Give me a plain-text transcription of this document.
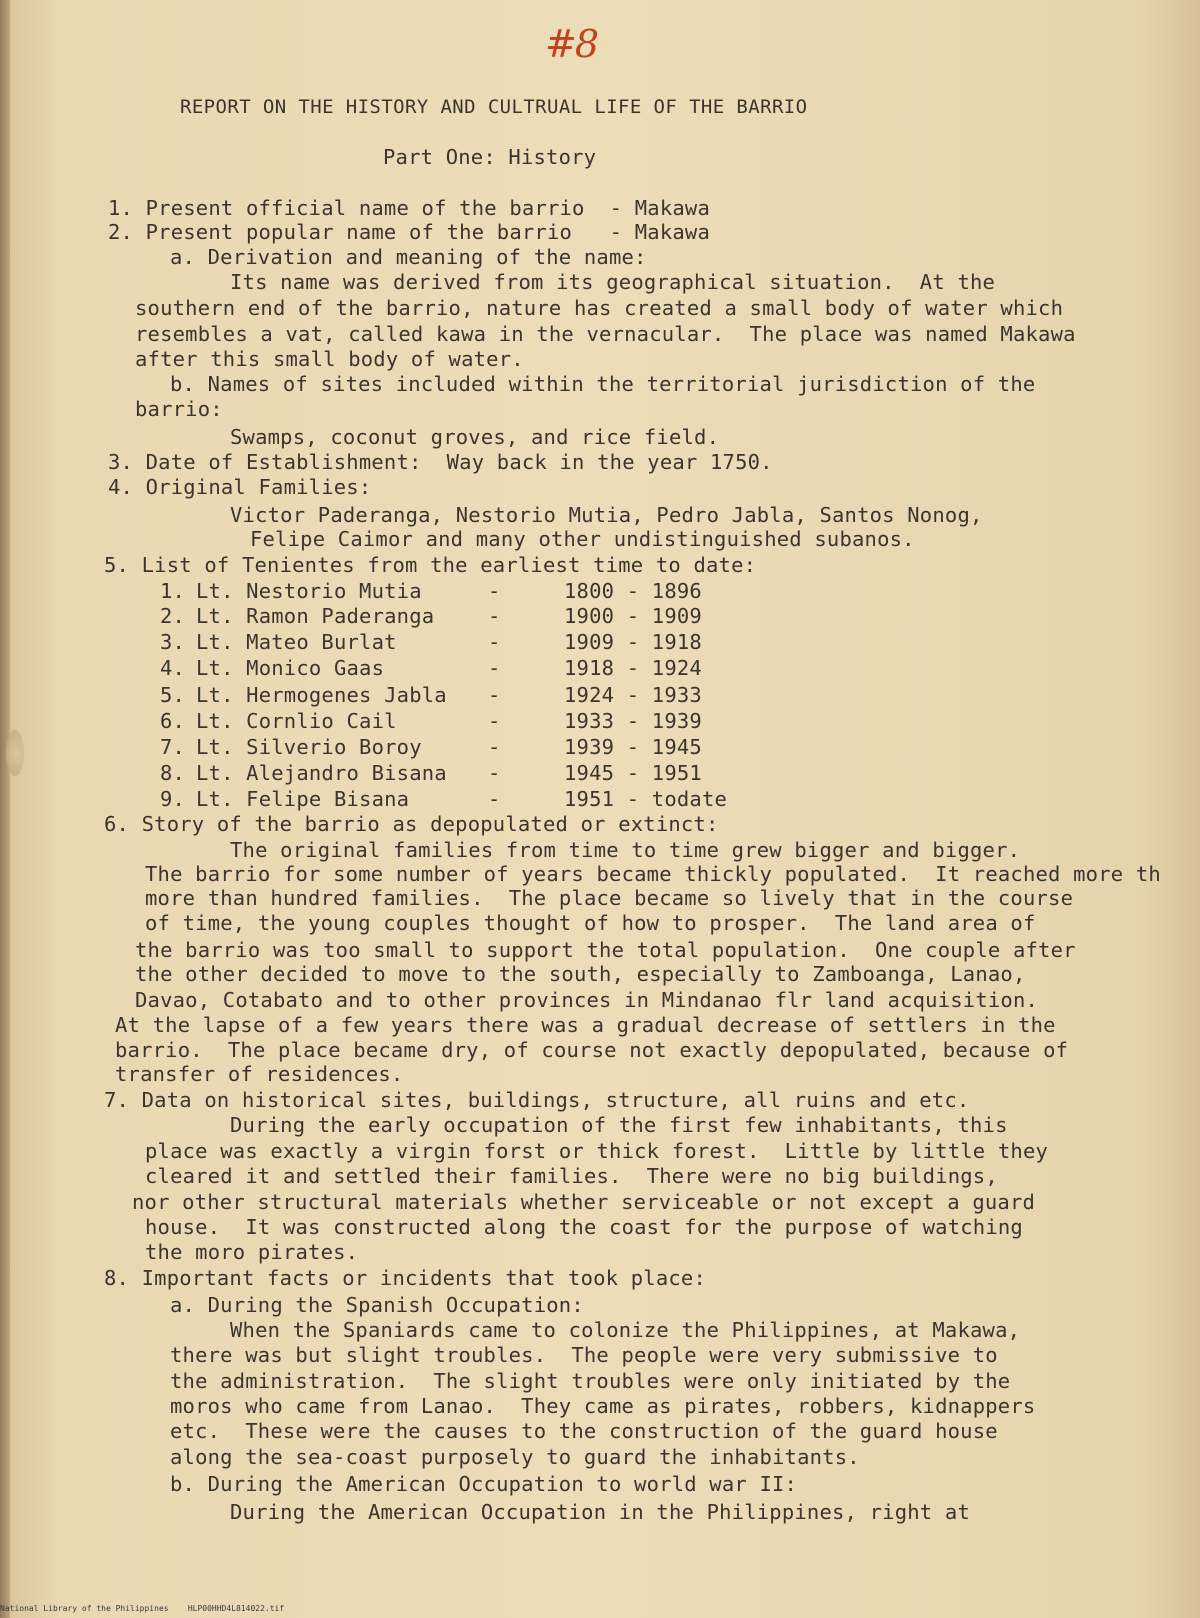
#8
REPORT ON THE HISTORY AND CULTRUAL LIFE OF THE BARRIO
Part One: History
1. Present official name of the barrio  - Makawa
2. Present popular name of the barrio   - Makawa
a. Derivation and meaning of the name:
Its name was derived from its geographical situation.  At the
southern end of the barrio, nature has created a small body of water which
resembles a vat, called kawa in the vernacular.  The place was named Makawa
after this small body of water.
b. Names of sites included within the territorial jurisdiction of the
barrio:
Swamps, coconut groves, and rice field.
3. Date of Establishment:  Way back in the year 1750.
4. Original Families:
Victor Paderanga, Nestorio Mutia, Pedro Jabla, Santos Nonog,
Felipe Caimor and many other undistinguished subanos.
5. List of Tenientes from the earliest time to date:
1. Lt. Nestorio Mutia	-	1800 - 1896
2. Lt. Ramon Paderanga	-	1900 - 1909
3. Lt. Mateo Burlat	-	1909 - 1918
4. Lt. Monico Gaas	-	1918 - 1924
5. Lt. Hermogenes Jabla -	1924 - 1933
6. Lt. Cornlio Cail	-	1933 - 1939
7. Lt. Silverio Boroy	-	1939 - 1945
8. Lt. Alejandro Bisana -	1945 - 1951
9. Lt. Felipe Bisana	-	1951 - todate
6. Story of the barrio as depopulated or extinct:
The original families from time to time grew bigger and bigger.
The barrio for some number of years became thickly populated.  It reached more th
more than hundred families.  The place became so lively that in the course
of time, the young couples thought of how to prosper.  The land area of
the barrio was too small to support the total population.  One couple after
the other decided to move to the south, especially to Zamboanga, Lanao,
Davao, Cotabato and to other provinces in Mindanao flr land acquisition.
At the lapse of a few years there was a gradual decrease of settlers in the
barrio.  The place became dry, of course not exactly depopulated, because of
transfer of residences.
7. Data on historical sites, buildings, structure, all ruins and etc.
During the early occupation of the first few inhabitants, this
place was exactly a virgin forst or thick forest.  Little by little they
cleared it and settled their families.  There were no big buildings,
nor other structural materials whether serviceable or not except a guard
house.  It was constructed along the coast for the purpose of watching
the moro pirates.
8. Important facts or incidents that took place:
a. During the Spanish Occupation:
When the Spaniards came to colonize the Philippines, at Makawa,
there was but slight troubles.  The people were very submissive to
the administration.  The slight troubles were only initiated by the
moros who came from Lanao.  They came as pirates, robbers, kidnappers
etc.  These were the causes to the construction of the guard house
along the sea-coast purposely to guard the inhabitants.
b. During the American Occupation to world war II:
During the American Occupation in the Philippines, right at
National Library of the Philippines    HLP00HHD4L814022.tif
